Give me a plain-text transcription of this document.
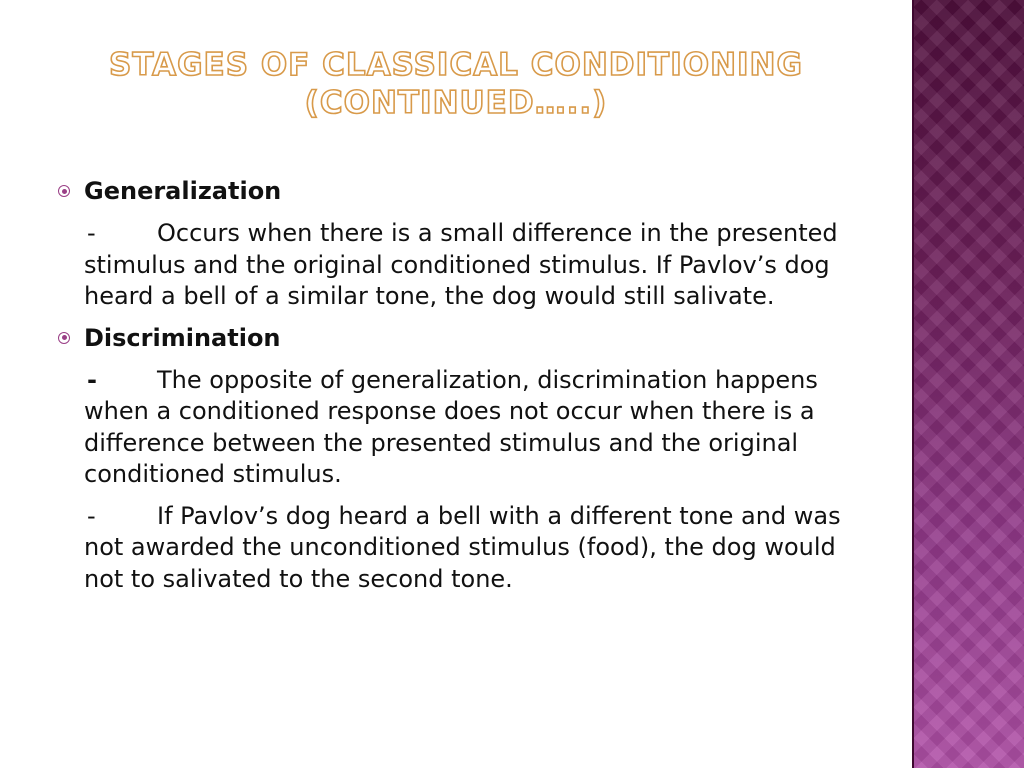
STAGES OF CLASSICAL CONDITIONING
(CONTINUED…..)
Generalization
-	Occurs when there is a small difference in the presented stimulus and the original conditioned stimulus. If Pavlov’s dog heard a bell of a similar tone, the dog would still salivate.
Discrimination
-	The opposite of generalization, discrimination happens when a conditioned response does not occur when there is a difference between the presented stimulus and the original conditioned stimulus.
-	If Pavlov’s dog heard a bell with a different tone and was not awarded the unconditioned stimulus (food), the dog would not to salivated to the second tone.
